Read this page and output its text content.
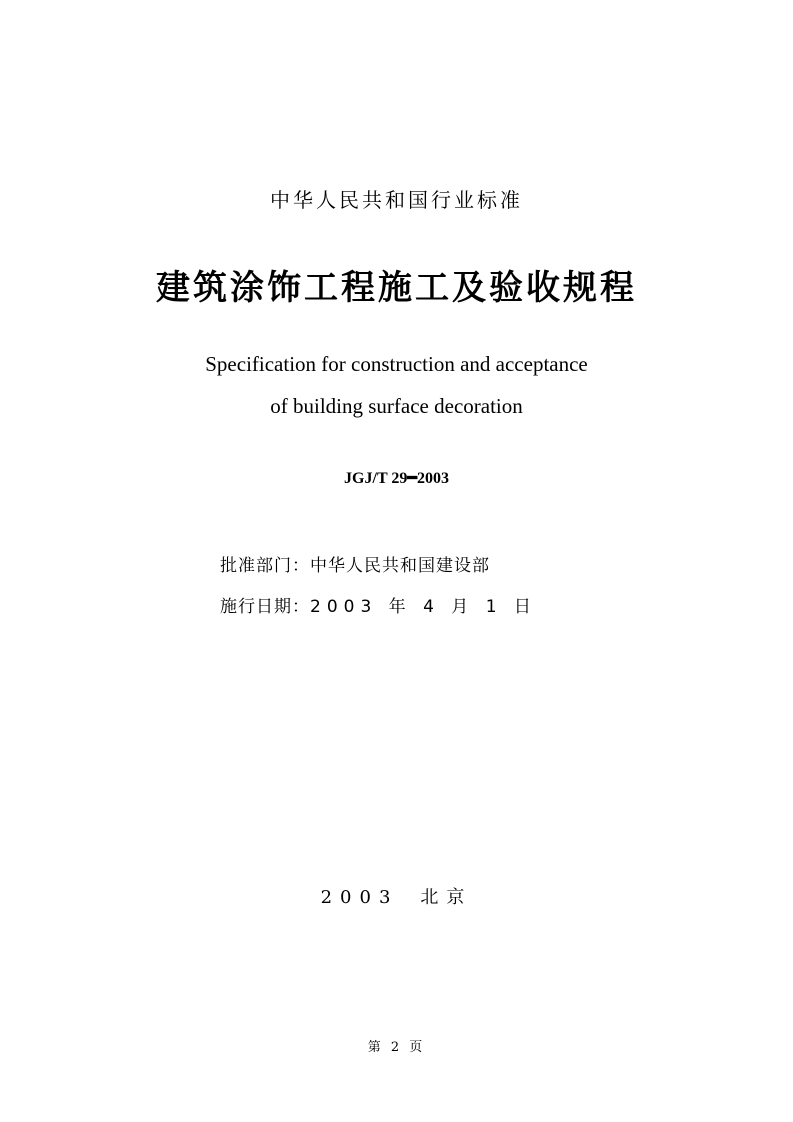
中华人民共和国行业标准
建筑涂饰工程施工及验收规程
Specification for construction and acceptance
of building surface decoration
JGJ/T 29━2003
批准部门：中华人民共和国建设部
施行日期：2003 年 4 月 1 日
2003 北京
第 2 页
